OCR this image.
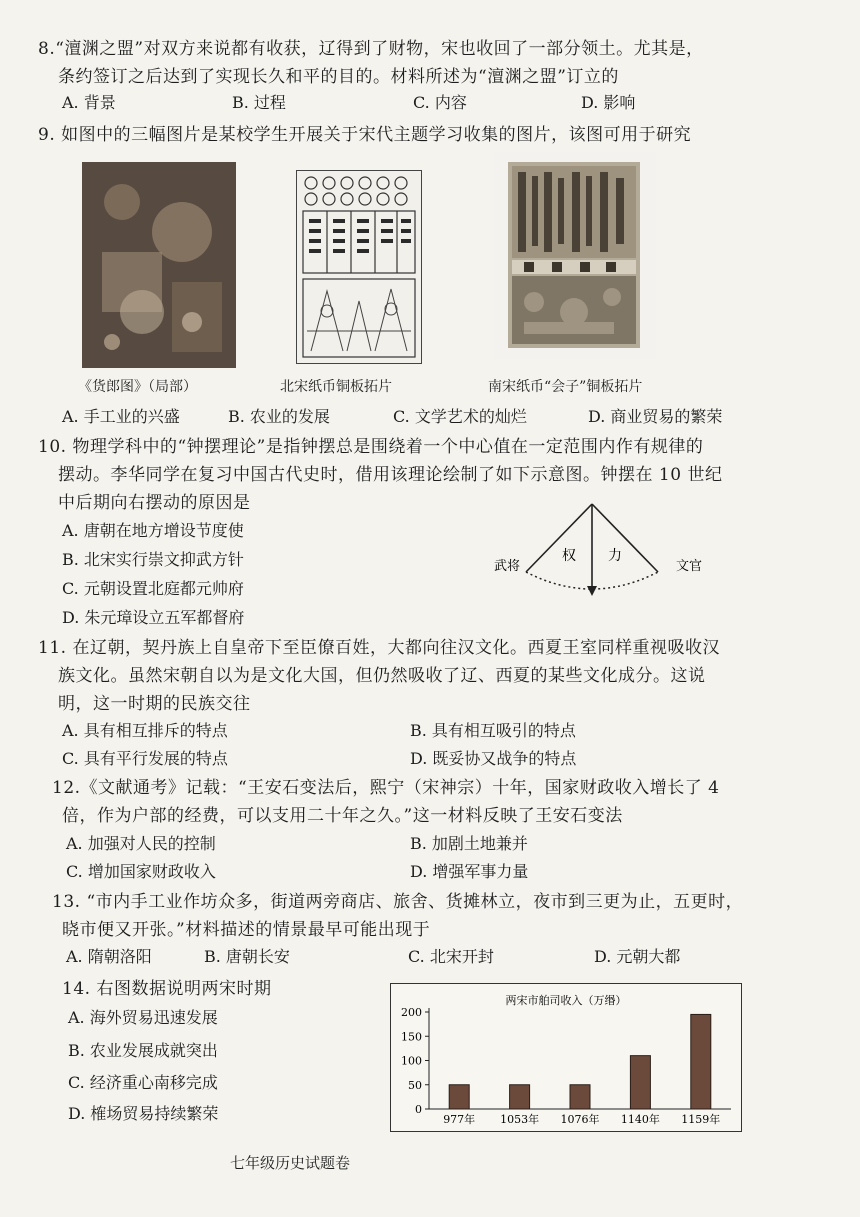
8.“澶渊之盟”对双方来说都有收获，辽得到了财物，宋也收回了一部分领土。尤其是，
条约签订之后达到了实现长久和平的目的。材料所述为“澶渊之盟”订立的
A. 背景	B. 过程	C. 内容	D. 影响
9. 如图中的三幅图片是某校学生开展关于宋代主题学习收集的图片，该图可用于研究
《货郎图》（局部）	北宋纸币铜板拓片	南宋纸币“会子”铜板拓片
A. 手工业的兴盛	B. 农业的发展	C. 文学艺术的灿烂	D. 商业贸易的繁荣
10. 物理学科中的“钟摆理论”是指钟摆总是围绕着一个中心值在一定范围内作有规律的
摆动。李华同学在复习中国古代史时，借用该理论绘制了如下示意图。钟摆在 10 世纪
中后期向右摆动的原因是
A. 唐朝在地方增设节度使
B. 北宋实行崇文抑武方针
C. 元朝设置北庭都元帅府
D. 朱元璋设立五军都督府
武将	文官
权 力
11. 在辽朝，契丹族上自皇帝下至臣僚百姓，大都向往汉文化。西夏王室同样重视吸收汉
族文化。虽然宋朝自以为是文化大国，但仍然吸收了辽、西夏的某些文化成分。这说
明，这一时期的民族交往
A. 具有相互排斥的特点	B. 具有相互吸引的特点
C. 具有平行发展的特点	D. 既妥协又战争的特点
12.《文献通考》记载：“王安石变法后，熙宁（宋神宗）十年，国家财政收入增长了 4
倍，作为户部的经费，可以支用二十年之久。”这一材料反映了王安石变法
A. 加强对人民的控制	B. 加剧土地兼并
C. 增加国家财政收入	D. 增强军事力量
13. “市内手工业作坊众多，街道两旁商店、旅舍、货摊林立，夜市到三更为止，五更时，
晓市便又开张。”材料描述的情景最早可能出现于
A. 隋朝洛阳	B. 唐朝长安	C. 北宋开封	D. 元朝大都
14. 右图数据说明两宋时期
A. 海外贸易迅速发展
B. 农业发展成就突出
C. 经济重心南移完成
D. 榷场贸易持续繁荣
两宋市舶司收入（万缗）
0
50
100
150
200
977年 1053年 1076年 1140年 1159年
七年级历史试题卷
